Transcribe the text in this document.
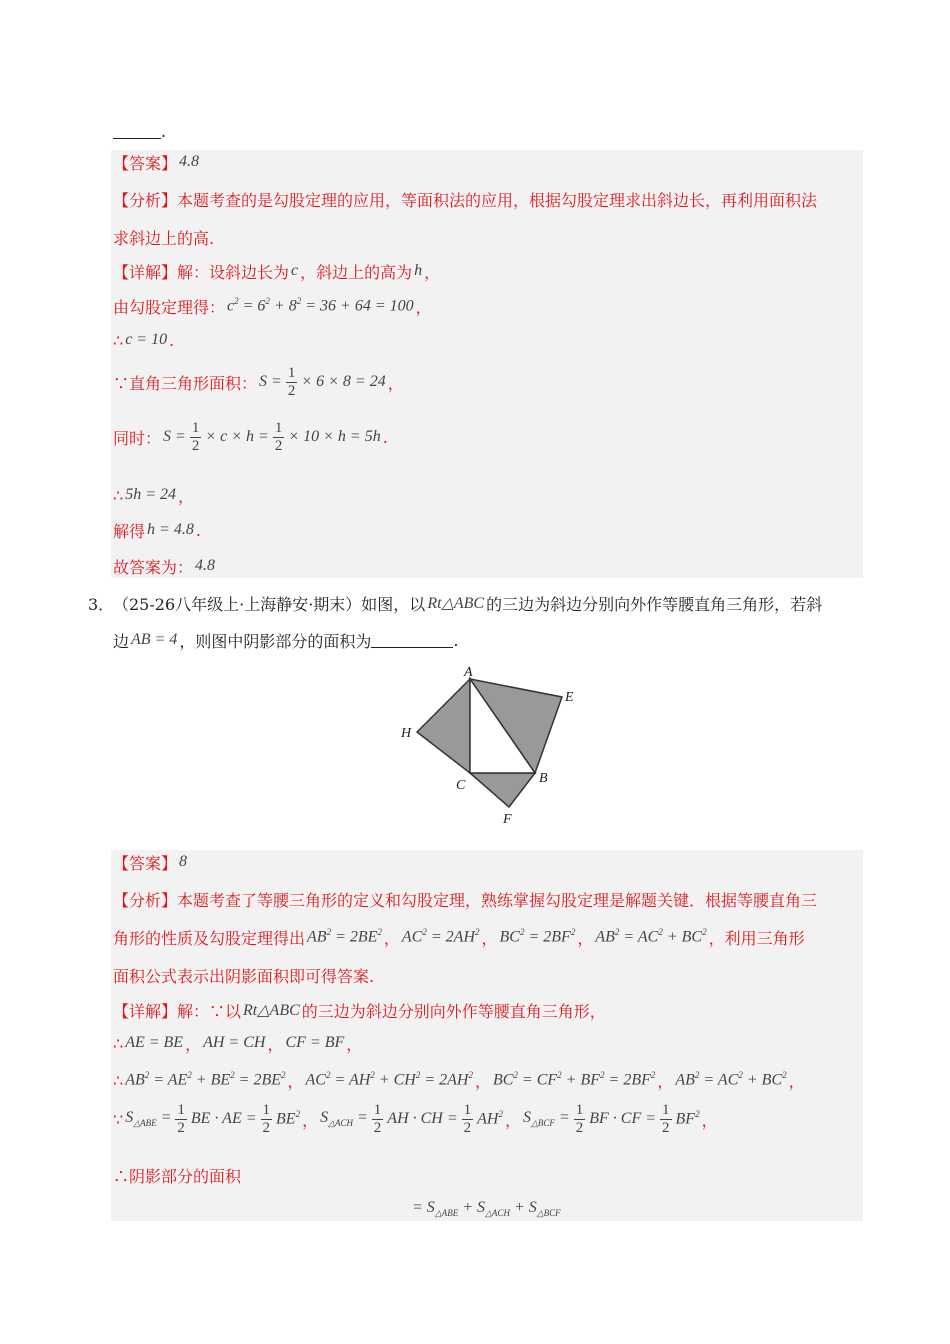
.
【答案】 4.8
【分析】本题考查的是勾股定理的应用，等面积法的应用，根据勾股定理求出斜边长，再利用面积法
求斜边上的高.
【详解】解：设斜边长为 c ，斜边上的高为 h ，
由勾股定理得： $c^2 = 6^2 + 8^2 = 36 + 64 = 100$ ，
∴ c = 10 .
∵直角三角形面积： $S = \frac{1}{2} \times 6 \times 8 = 24$ ，
同时： $S = \frac{1}{2} \times c \times h = \frac{1}{2} \times 10 \times h = 5h$ .
∴ 5h = 24 ，
解得 h = 4.8 .
故答案为： 4.8
3．
（25-26八年级上·上海静安·期末）如图，以 Rt△ABC 的三边为斜边分别向外作等腰直角三角形，若斜
边 AB = 4 ，则图中阴影部分的面积为	.
A
E
H
C	B
F
【答案】 8
【分析】本题考查了等腰三角形的定义和勾股定理，熟练掌握勾股定理是解题关键．根据等腰直角三
角形的性质及勾股定理得出 $AB^2 = 2BE^2$ ， $AC^2 = 2AH^2$ ， $BC^2 = 2BF^2$ ， $AB^2 = AC^2 + BC^2$ ，利用三角形
面积公式表示出阴影面积即可得答案.
【详解】解：∵以 Rt△ABC 的三边为斜边分别向外作等腰直角三角形，
∴ AE = BE ， AH = CH ， CF = BF ，
∴ $AB^2 = AE^2 + BE^2 = 2BE^2$ ， $AC^2 = AH^2 + CH^2 = 2AH^2$ ， $BC^2 = CF^2 + BF^2 = 2BF^2$ ， $AB^2 = AC^2 + BC^2$ ，
∵ $S_{\triangle ABE} = \frac{1}{2}$ BE · AE = $\frac{1}{2} BE^2$ ， $S_{\triangle ACH} = \frac{1}{2}$ AH · CH = $\frac{1}{2} AH^2$ ， $S_{\triangle BCF} = \frac{1}{2}$ BF · CF = $\frac{1}{2} BF^2$ ，
∴阴影部分的面积
= $S_{\triangle ABE} + S_{\triangle ACH} + S_{\triangle BCF}$
